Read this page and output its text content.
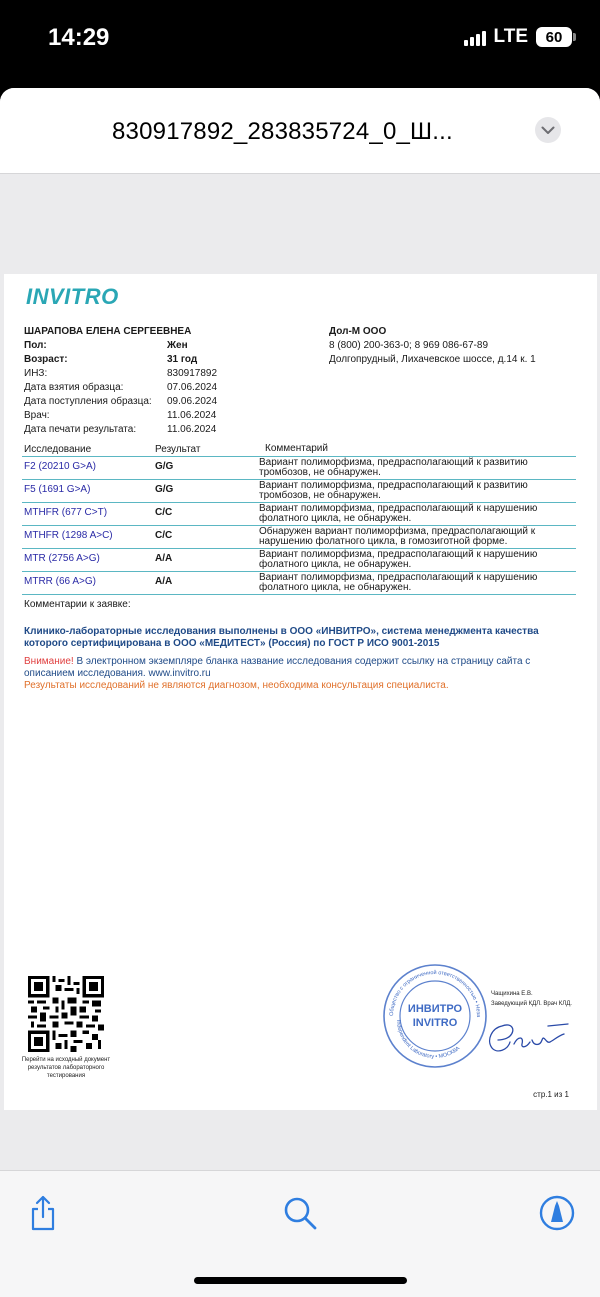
14:29	LTE	60
830917892_283835724_0_Ш...
INVITRO
ШАРАПОВА ЕЛЕНА СЕРГЕЕВНЕА
Пол:	Жен
Возраст:	31 год
ИНЗ:	830917892
Дата взятия образца:	07.06.2024
Дата поступления образца: 09.06.2024
Врач:	11.06.2024
Дата печати результата:	11.06.2024
Дол-М ООО
8 (800) 200-363-0; 8 969 086-67-89
Долгопрудный, Лихачевское шоссе, д.14 к. 1
Исследование	Результат	Комментарий
F2 (20210 G>A)	G/G	Вариант полиморфизма, предрасполагающий к развитию тромбозов, не обнаружен.
F5 (1691 G>A)	G/G	Вариант полиморфизма, предрасполагающий к развитию тромбозов, не обнаружен.
MTHFR (677 C>T)	C/C	Вариант полиморфизма, предрасполагающий к нарушению фолатного цикла, не обнаружен.
MTHFR (1298 A>C)	C/C	Обнаружен вариант полиморфизма, предрасполагающий к нарушению фолатного цикла, в гомозиготной форме.
MTR (2756 A>G)	A/A	Вариант полиморфизма, предрасполагающий к нарушению фолатного цикла, не обнаружен.
MTRR (66 A>G)	A/A	Вариант полиморфизма, предрасполагающий к нарушению фолатного цикла, не обнаружен.
Комментарии к заявке:
Клинико-лабораторные исследования выполнены в ООО «ИНВИТРО», система менеджмента качества которого сертифицирована в ООО «МЕДИТЕСТ» (Россия) по ГОСТ Р ИСО 9001-2015
Внимание! В электронном экземпляре бланка название исследования содержит ссылку на страницу сайта с описанием исследования. www.invitro.ru
Результаты исследований не являются диагнозом, необходима консультация специалиста.
Перейти на исходный документ результатов лабораторного тестирования
Общество с ограниченной ответственностью • Неза
Independent Laboratory • МОСКВА
ИНВИТРО
INVITRO
Чащихина Е.В.
Заведующий КДЛ. Врач КЛД.
стр.1 из 1
